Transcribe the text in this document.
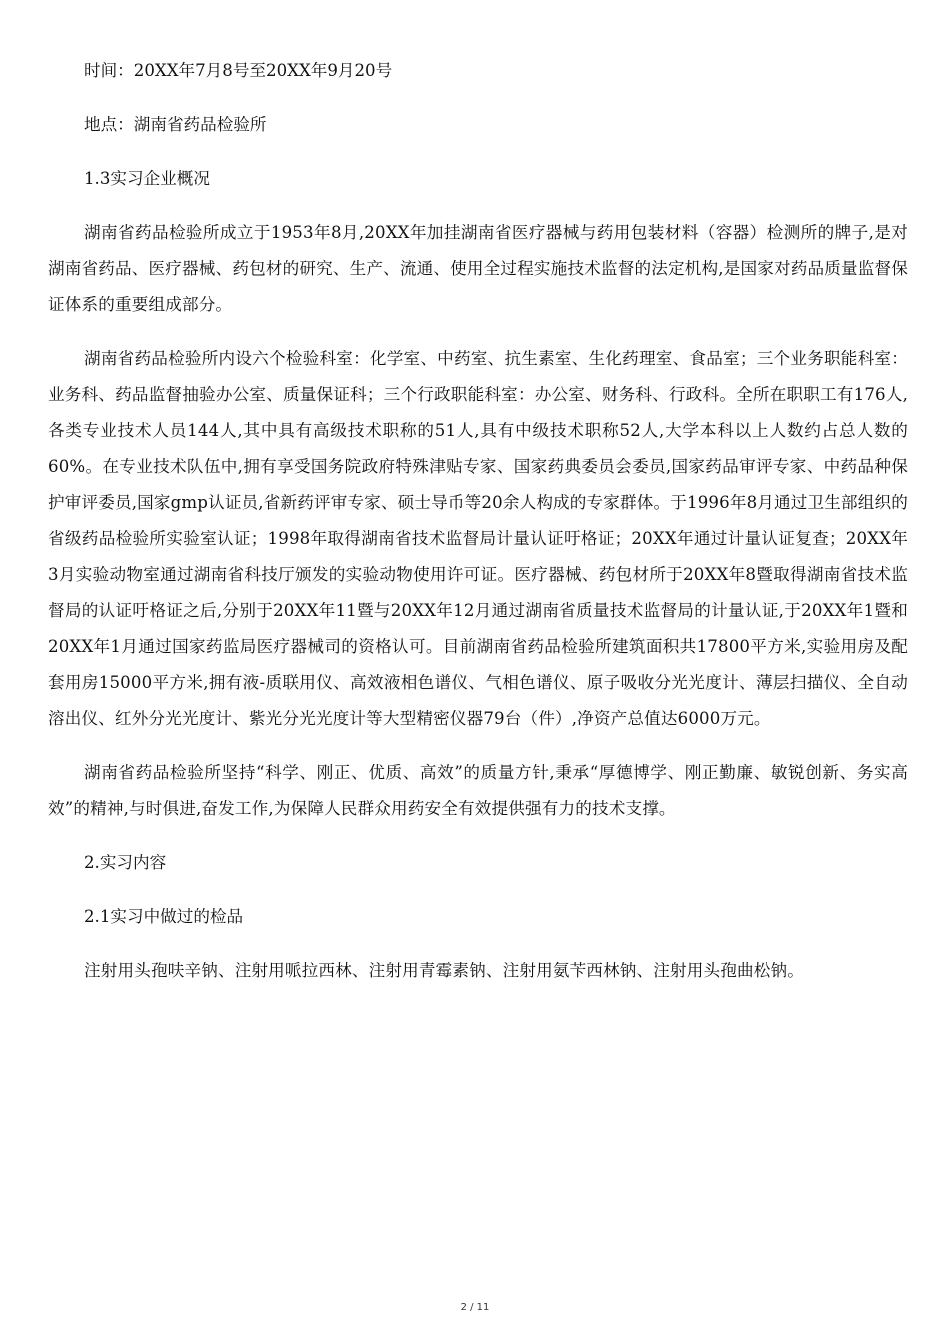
时间：20XX年7月8号至20XX年9月20号

地点：湖南省药品检验所

1.3实习企业概况

湖南省药品检验所成立于1953年8月,20XX年加挂湖南省医疗器械与药用包装材料（容器）检测所的牌子,是对湖南省药品、医疗器械、药包材的研究、生产、流通、使用全过程实施技术监督的法定机构,是国家对药品质量监督保证体系的重要组成部分。

湖南省药品检验所内设六个检验科室：化学室、中药室、抗生素室、生化药理室、食品室；三个业务职能科室：业务科、药品监督抽验办公室、质量保证科；三个行政职能科室：办公室、财务科、行政科。全所在职职工有176人,各类专业技术人员144人,其中具有高级技术职称的51人,具有中级技术职称52人,大学本科以上人数约占总人数的60%。在专业技术队伍中,拥有享受国务院政府特殊津贴专家、国家药典委员会委员,国家药品审评专家、中药品种保护审评委员,国家gmp认证员,省新药评审专家、硕士导币等20余人构成的专家群体。于1996年8月通过卫生部组织的省级药品检验所实验室认证；1998年取得湖南省技术监督局计量认证吁格证；20XX年通过计量认证复查；20XX年3月实验动物室通过湖南省科技厅颁发的实验动物使用许可证。医疗器械、药包材所于20XX年8暨取得湖南省技术监督局的认证吁格证之后,分别于20XX年11暨与20XX年12月通过湖南省质量技术监督局的计量认证,于20XX年1暨和20XX年1月通过国家药监局医疗器械司的资格认可。目前湖南省药品检验所建筑面积共17800平方米,实验用房及配套用房15000平方米,拥有液-质联用仪、高效液相色谱仪、气相色谱仪、原子吸收分光光度计、薄层扫描仪、全自动溶出仪、红外分光光度计、紫光分光光度计等大型精密仪器79台（件）,净资产总值达6000万元。

湖南省药品检验所坚持“科学、刚正、优质、高效”的质量方针,秉承“厚德博学、刚正勤廉、敏锐创新、务实高效”的精神,与时俱进,奋发工作,为保障人民群众用药安全有效提供强有力的技术支撑。

2.实习内容

2.1实习中做过的检品

注射用头孢呋辛钠、注射用哌拉西林、注射用青霉素钠、注射用氨苄西林钠、注射用头孢曲松钠。

2 / 11
